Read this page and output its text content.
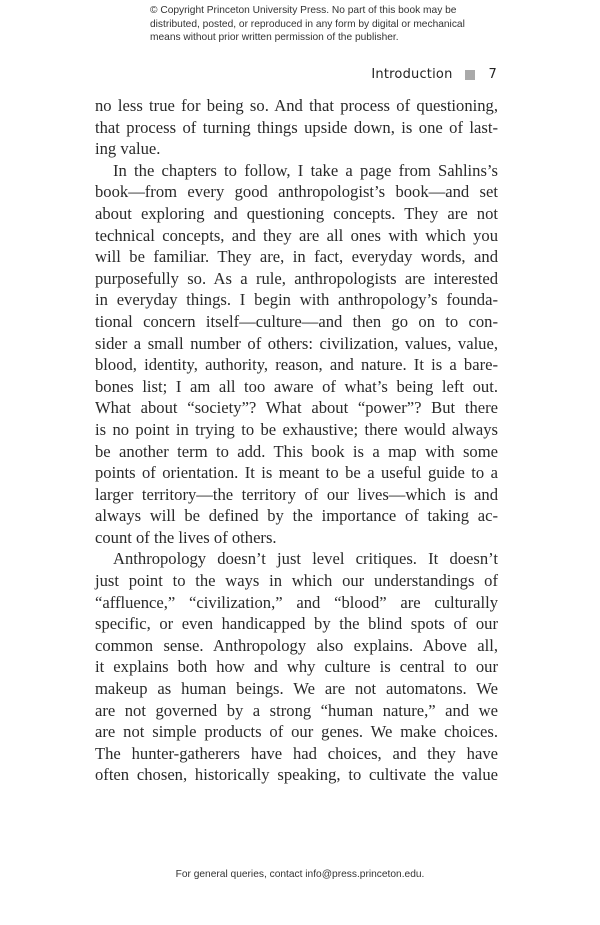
© Copyright Princeton University Press. No part of this book may be
distributed, posted, or reproduced in any form by digital or mechanical
means without prior written permission of the publisher.
Introduction	7
no less true for being so. And that process of questioning,
that process of turning things upside down, is one of last-
ing value.
In the chapters to follow, I take a page from Sahlins’s
book—from every good anthropologist’s book—and set
about exploring and questioning concepts. They are not
technical concepts, and they are all ones with which you
will be familiar. They are, in fact, everyday words, and
purposefully so. As a rule, anthropologists are interested
in everyday things. I begin with anthropology’s founda-
tional concern itself—culture—and then go on to con-
sider a small number of others: civilization, values, value,
blood, identity, authority, reason, and nature. It is a bare-
bones list; I am all too aware of what’s being left out.
What about “society”? What about “power”? But there
is no point in trying to be exhaustive; there would always
be another term to add. This book is a map with some
points of orientation. It is meant to be a useful guide to a
larger territory—the territory of our lives—which is and
always will be defined by the importance of taking ac-
count of the lives of others.
Anthropology doesn’t just level critiques. It doesn’t
just point to the ways in which our understandings of
“affluence,” “civilization,” and “blood” are culturally
specific, or even handicapped by the blind spots of our
common sense. Anthropology also explains. Above all,
it explains both how and why culture is central to our
makeup as human beings. We are not automatons. We
are not governed by a strong “human nature,” and we
are not simple products of our genes. We make choices.
The hunter-gatherers have had choices, and they have
often chosen, historically speaking, to cultivate the value
For general queries, contact info@press.princeton.edu.
